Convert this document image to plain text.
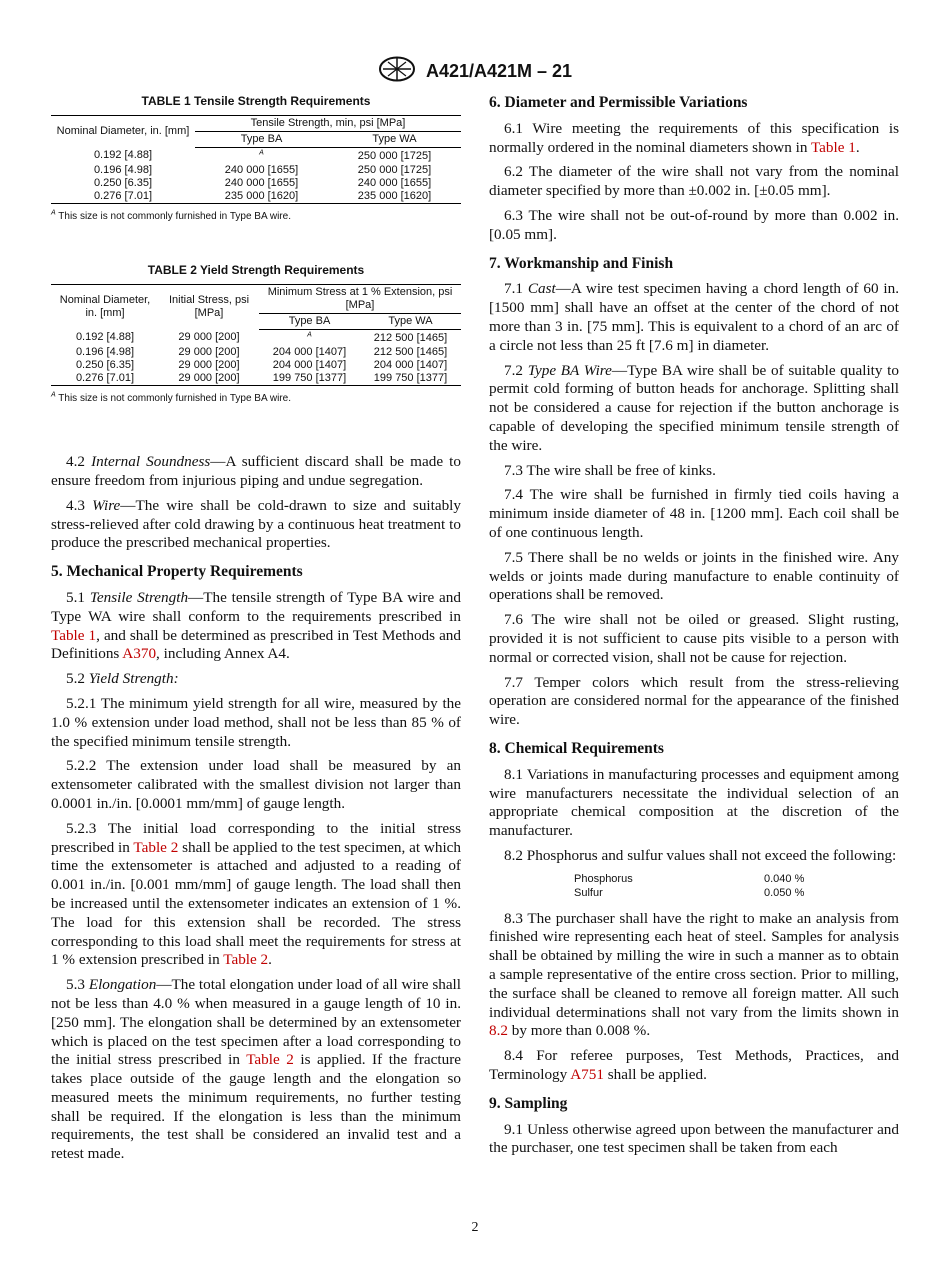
A421/A421M – 21

TABLE 1 Tensile Strength Requirements

Nominal Diameter, in. [mm]	Tensile Strength, min, psi [MPa]	
	Type BA	Type WA
0.192 [4.88]	$^A$	250 000 [1725]
0.196 [4.98]	240 000 [1655]	250 000 [1725]
0.250 [6.35]	240 000 [1655]	240 000 [1655]
0.276 [7.01]	235 000 [1620]	235 000 [1620]

$^A$ This size is not commonly furnished in Type BA wire.

TABLE 2 Yield Strength Requirements

Nominal Diameter, in. [mm]	Initial Stress, psi [MPa]	Minimum Stress at 1 % Extension, psi [MPa]	
		Type BA	Type WA
0.192 [4.88]	29 000 [200]	$^A$	212 500 [1465]
0.196 [4.98]	29 000 [200]	204 000 [1407]	212 500 [1465]
0.250 [6.35]	29 000 [200]	204 000 [1407]	204 000 [1407]
0.276 [7.01]	29 000 [200]	199 750 [1377]	199 750 [1377]

$^A$ This size is not commonly furnished in Type BA wire.

4.2 Internal Soundness—A sufficient discard shall be made to ensure freedom from injurious piping and undue segregation.

4.3 Wire—The wire shall be cold-drawn to size and suitably stress-relieved after cold drawing by a continuous heat treatment to produce the prescribed mechanical properties.

5. Mechanical Property Requirements

5.1 Tensile Strength—The tensile strength of Type BA wire and Type WA wire shall conform to the requirements prescribed in Table 1, and shall be determined as prescribed in Test Methods and Definitions A370, including Annex A4.

5.2 Yield Strength:

5.2.1 The minimum yield strength for all wire, measured by the 1.0 % extension under load method, shall not be less than 85 % of the specified minimum tensile strength.

5.2.2 The extension under load shall be measured by an extensometer calibrated with the smallest division not larger than 0.0001 in./in. [0.0001 mm/mm] of gauge length.

5.2.3 The initial load corresponding to the initial stress prescribed in Table 2 shall be applied to the test specimen, at which time the extensometer is attached and adjusted to a reading of 0.001 in./in. [0.001 mm/mm] of gauge length. The load shall then be increased until the extensometer indicates an extension of 1 %. The load for this extension shall be recorded. The stress corresponding to this load shall meet the requirements for stress at 1 % extension prescribed in Table 2.

5.3 Elongation—The total elongation under load of all wire shall not be less than 4.0 % when measured in a gauge length of 10 in. [250 mm]. The elongation shall be determined by an extensometer which is placed on the test specimen after a load corresponding to the initial stress prescribed in Table 2 is applied. If the fracture takes place outside of the gauge length and the elongation so measured meets the minimum requirements, no further testing shall be required. If the elongation is less than the minimum requirements, the test shall be considered an invalid test and a retest made.

6. Diameter and Permissible Variations

6.1 Wire meeting the requirements of this specification is normally ordered in the nominal diameters shown in Table 1.

6.2 The diameter of the wire shall not vary from the nominal diameter specified by more than ±0.002 in. [±0.05 mm].

6.3 The wire shall not be out-of-round by more than 0.002 in. [0.05 mm].

7. Workmanship and Finish

7.1 Cast—A wire test specimen having a chord length of 60 in. [1500 mm] shall have an offset at the center of the chord of not more than 3 in. [75 mm]. This is equivalent to a chord of an arc of a circle not less than 25 ft [7.6 m] in diameter.

7.2 Type BA Wire—Type BA wire shall be of suitable quality to permit cold forming of button heads for anchorage. Splitting shall not be considered a cause for rejection if the button anchorage is capable of developing the specified minimum tensile strength of the wire.

7.3 The wire shall be free of kinks.

7.4 The wire shall be furnished in firmly tied coils having a minimum inside diameter of 48 in. [1200 mm]. Each coil shall be of one continuous length.

7.5 There shall be no welds or joints in the finished wire. Any welds or joints made during manufacture to enable continuity of operations shall be removed.

7.6 The wire shall not be oiled or greased. Slight rusting, provided it is not sufficient to cause pits visible to a person with normal or corrected vision, shall not be cause for rejection.

7.7 Temper colors which result from the stress-relieving operation are considered normal for the appearance of the finished wire.

8. Chemical Requirements

8.1 Variations in manufacturing processes and equipment among wire manufacturers necessitate the individual selection of an appropriate chemical composition at the discretion of the manufacturer.

8.2 Phosphorus and sulfur values shall not exceed the following:

Phosphorus	0.040 %
Sulfur	0.050 %

8.3 The purchaser shall have the right to make an analysis from finished wire representing each heat of steel. Samples for analysis shall be obtained by milling the wire in such a manner as to obtain a sample representative of the entire cross section. Prior to milling, the surface shall be cleaned to remove all foreign matter. All such individual determinations shall not vary from the limits shown in 8.2 by more than 0.008 %.

8.4 For referee purposes, Test Methods, Practices, and Terminology A751 shall be applied.

9. Sampling

9.1 Unless otherwise agreed upon between the manufacturer and the purchaser, one test specimen shall be taken from each

2
